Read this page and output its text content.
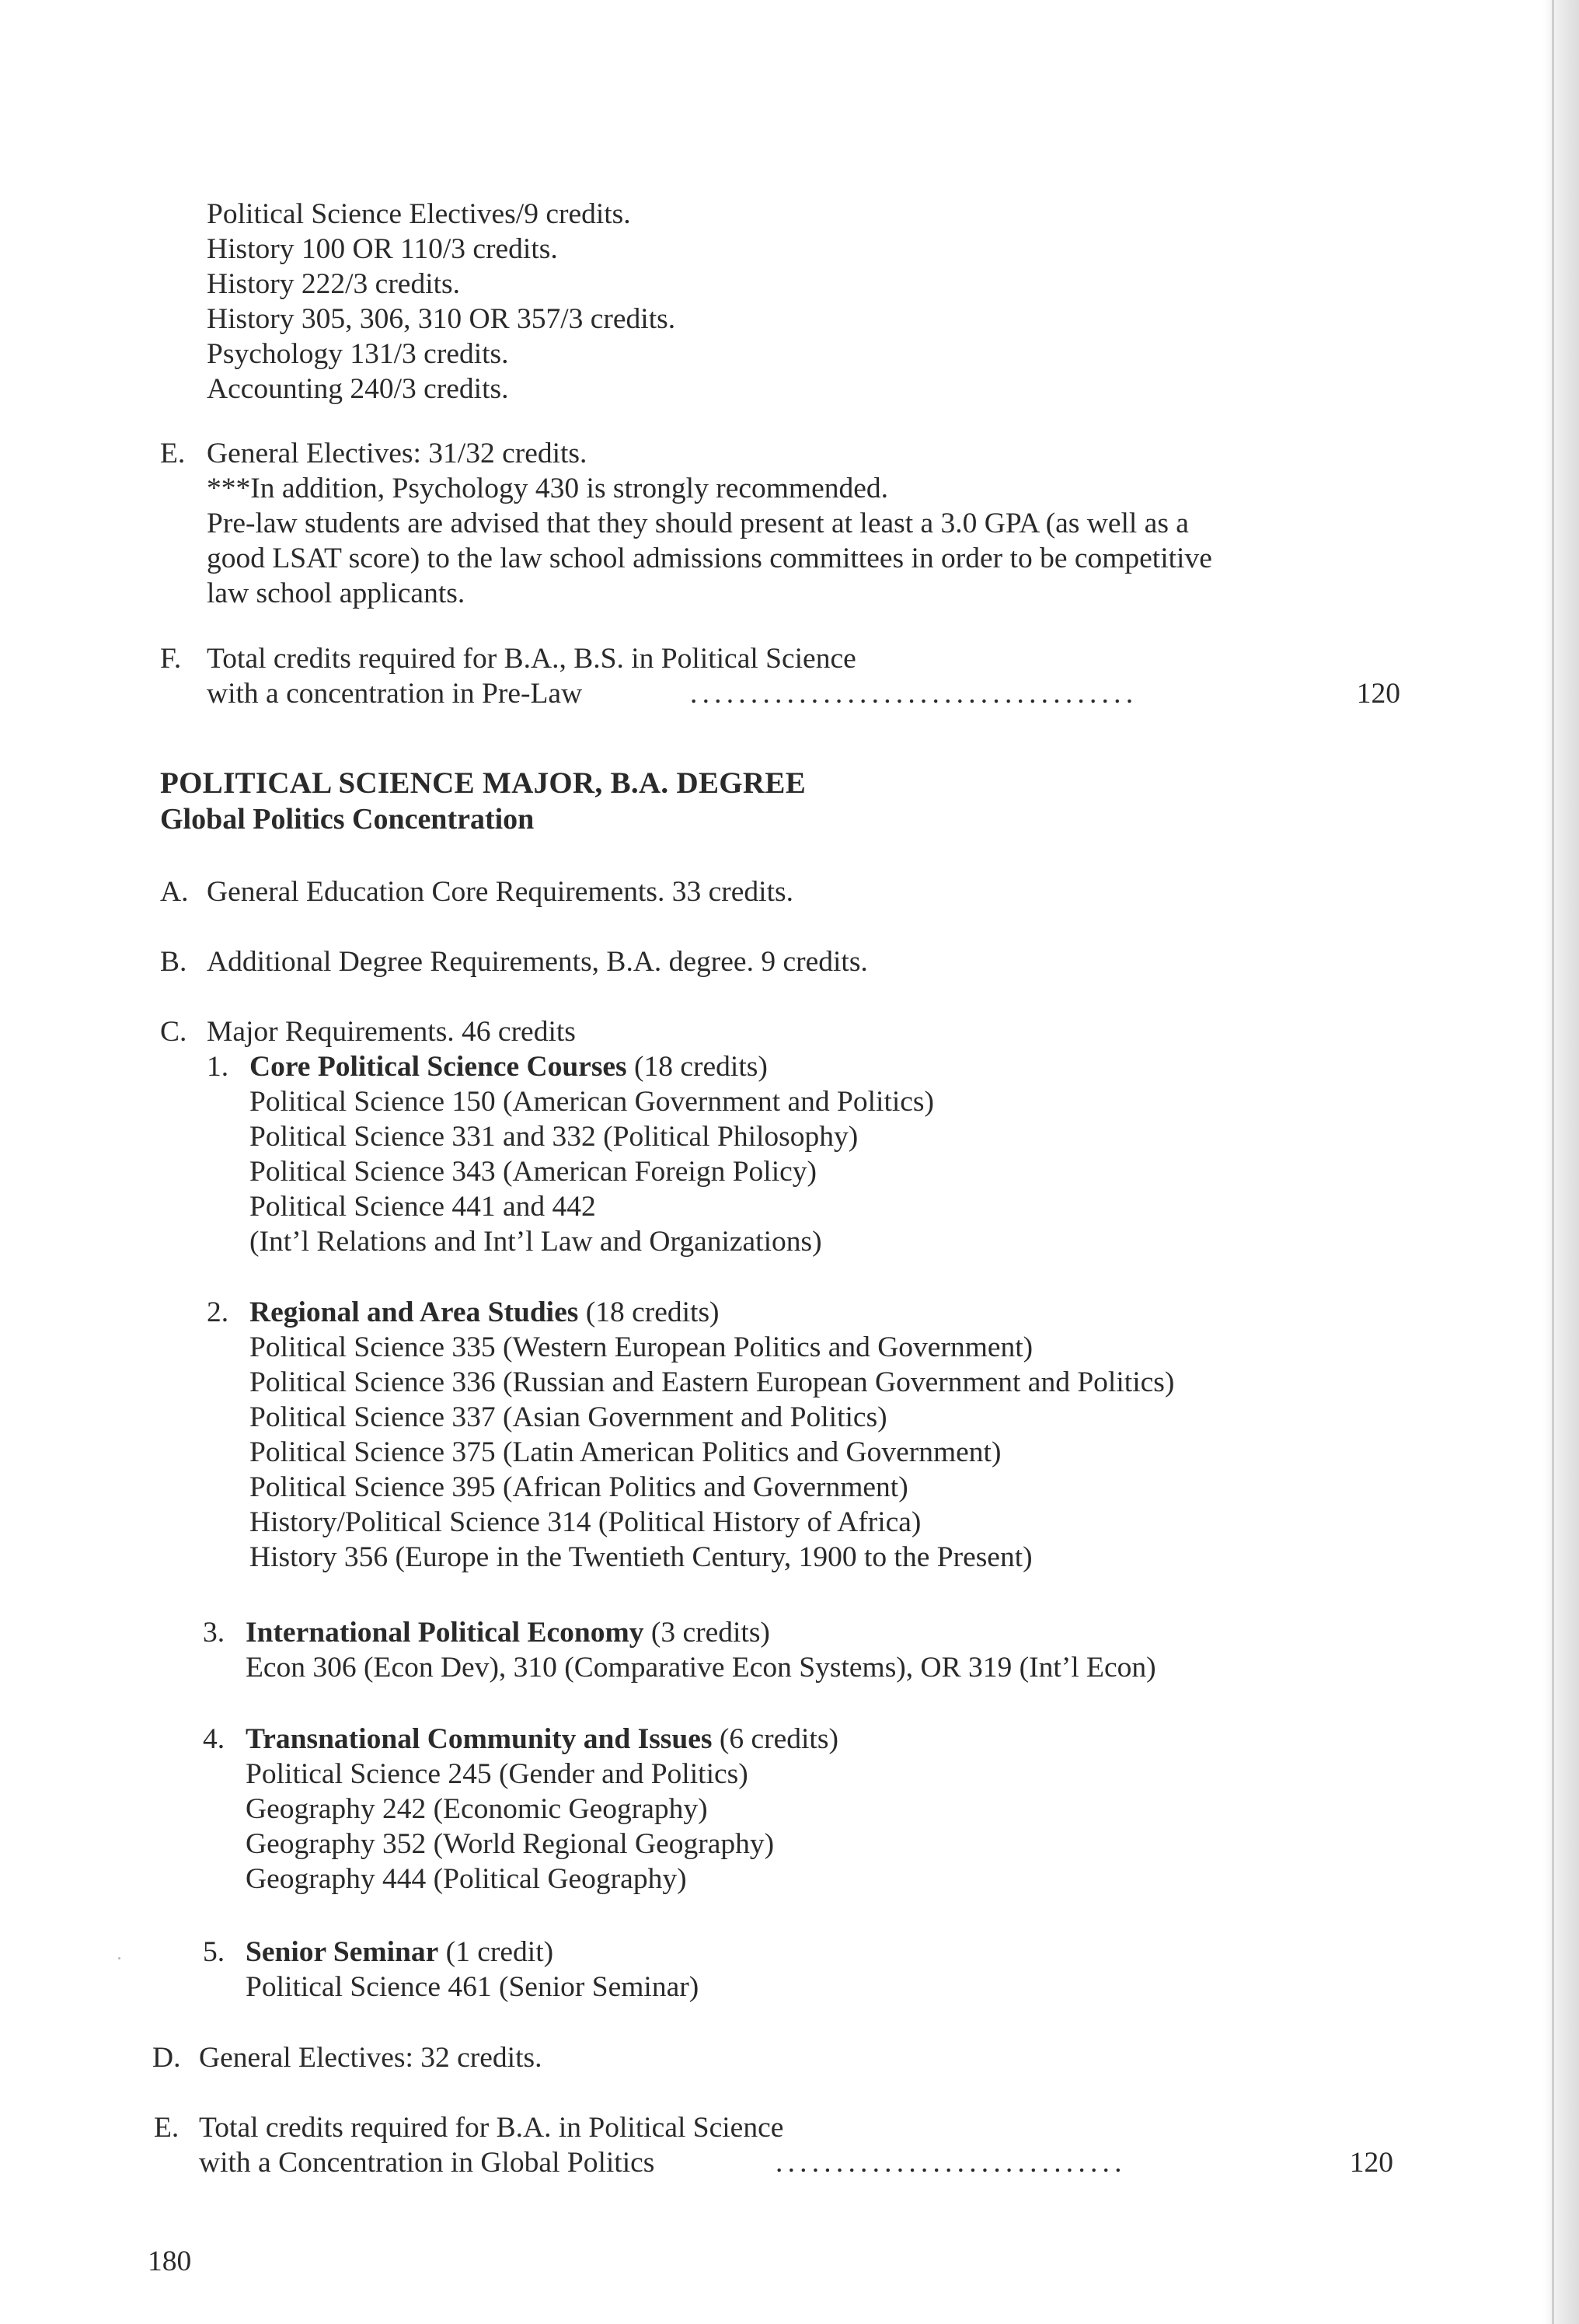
Political Science Electives/9 credits.
History 100 OR 110/3 credits.
History 222/3 credits.
History 305, 306, 310 OR 357/3 credits.
Psychology 131/3 credits.
Accounting 240/3 credits.
E. General Electives: 31/32 credits.
***In addition, Psychology 430 is strongly recommended.
Pre-law students are advised that they should present at least a 3.0 GPA (as well as a
good LSAT score) to the law school admissions committees in order to be competitive
law school applicants.
F. Total credits required for B.A., B.S. in Political Science
with a concentration in Pre-Law	.....................................	120
POLITICAL SCIENCE MAJOR, B.A. DEGREE
Global Politics Concentration
A. General Education Core Requirements. 33 credits.
B. Additional Degree Requirements, B.A. degree. 9 credits.
C. Major Requirements. 46 credits
1. Core Political Science Courses (18 credits)
Political Science 150 (American Government and Politics)
Political Science 331 and 332 (Political Philosophy)
Political Science 343 (American Foreign Policy)
Political Science 441 and 442
(Int’l Relations and Int’l Law and Organizations)
2. Regional and Area Studies (18 credits)
Political Science 335 (Western European Politics and Government)
Political Science 336 (Russian and Eastern European Government and Politics)
Political Science 337 (Asian Government and Politics)
Political Science 375 (Latin American Politics and Government)
Political Science 395 (African Politics and Government)
History/Political Science 314 (Political History of Africa)
History 356 (Europe in the Twentieth Century, 1900 to the Present)
3. International Political Economy (3 credits)
Econ 306 (Econ Dev), 310 (Comparative Econ Systems), OR 319 (Int’l Econ)
4. Transnational Community and Issues (6 credits)
Political Science 245 (Gender and Politics)
Geography 242 (Economic Geography)
Geography 352 (World Regional Geography)
Geography 444 (Political Geography)
5. Senior Seminar (1 credit)
Political Science 461 (Senior Seminar)
D. General Electives: 32 credits.
E. Total credits required for B.A. in Political Science
with a Concentration in Global Politics	.............................	120
180
